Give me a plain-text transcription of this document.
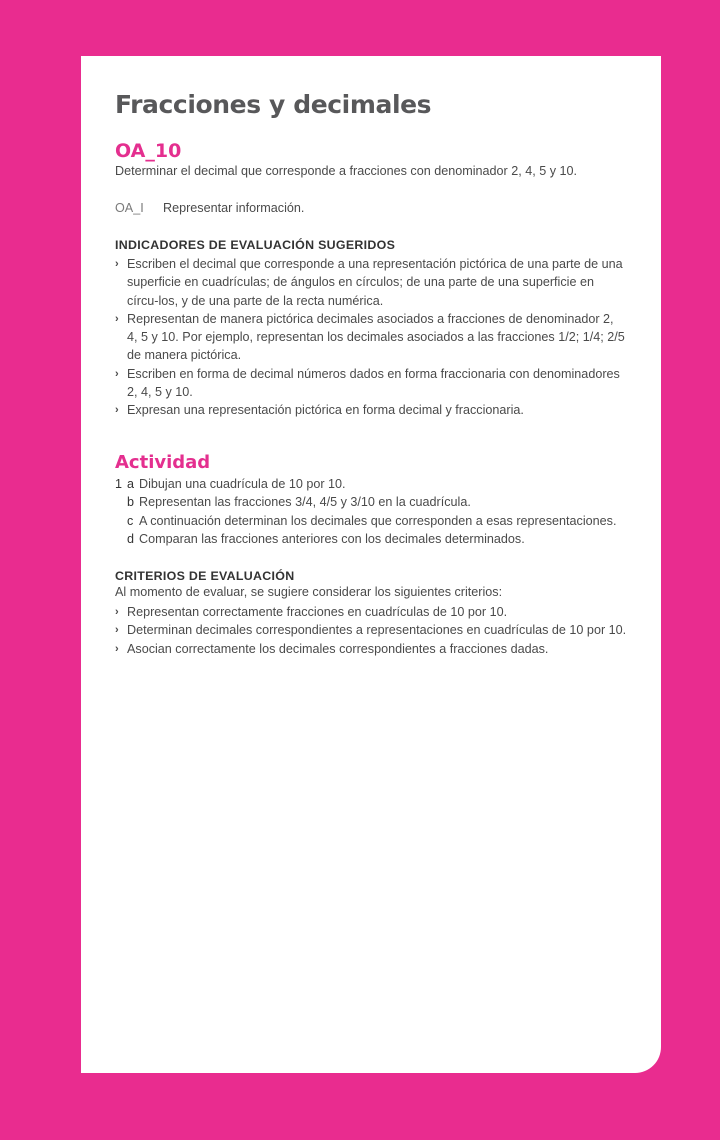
Fracciones y decimales
OA_10
Determinar el decimal que corresponde a fracciones con denominador 2, 4, 5 y 10.
OA_I Representar información.
INDICADORES DE EVALUACIÓN SUGERIDOS
› Escriben el decimal que corresponde a una representación pictórica de una parte de una superficie en cuadrículas; de ángulos en círculos; de una parte de una superficie en círcu-los, y de una parte de la recta numérica.
› Representan de manera pictórica decimales asociados a fracciones de denominador 2, 4, 5 y 10. Por ejemplo, representan los decimales asociados a las fracciones 1/2; 1/4; 2/5 de manera pictórica.
› Escriben en forma de decimal números dados en forma fraccionaria con denominadores 2, 4, 5 y 10.
› Expresan una representación pictórica en forma decimal y fraccionaria.
Actividad
1 a Dibujan una cuadrícula de 10 por 10.
b Representan las fracciones 3/4, 4/5 y 3/10 en la cuadrícula.
c A continuación determinan los decimales que corresponden a esas representaciones.
d Comparan las fracciones anteriores con los decimales determinados.
CRITERIOS DE EVALUACIÓN
Al momento de evaluar, se sugiere considerar los siguientes criterios:
› Representan correctamente fracciones en cuadrículas de 10 por 10.
› Determinan decimales correspondientes a representaciones en cuadrículas de 10 por 10.
› Asocian correctamente los decimales correspondientes a fracciones dadas.
